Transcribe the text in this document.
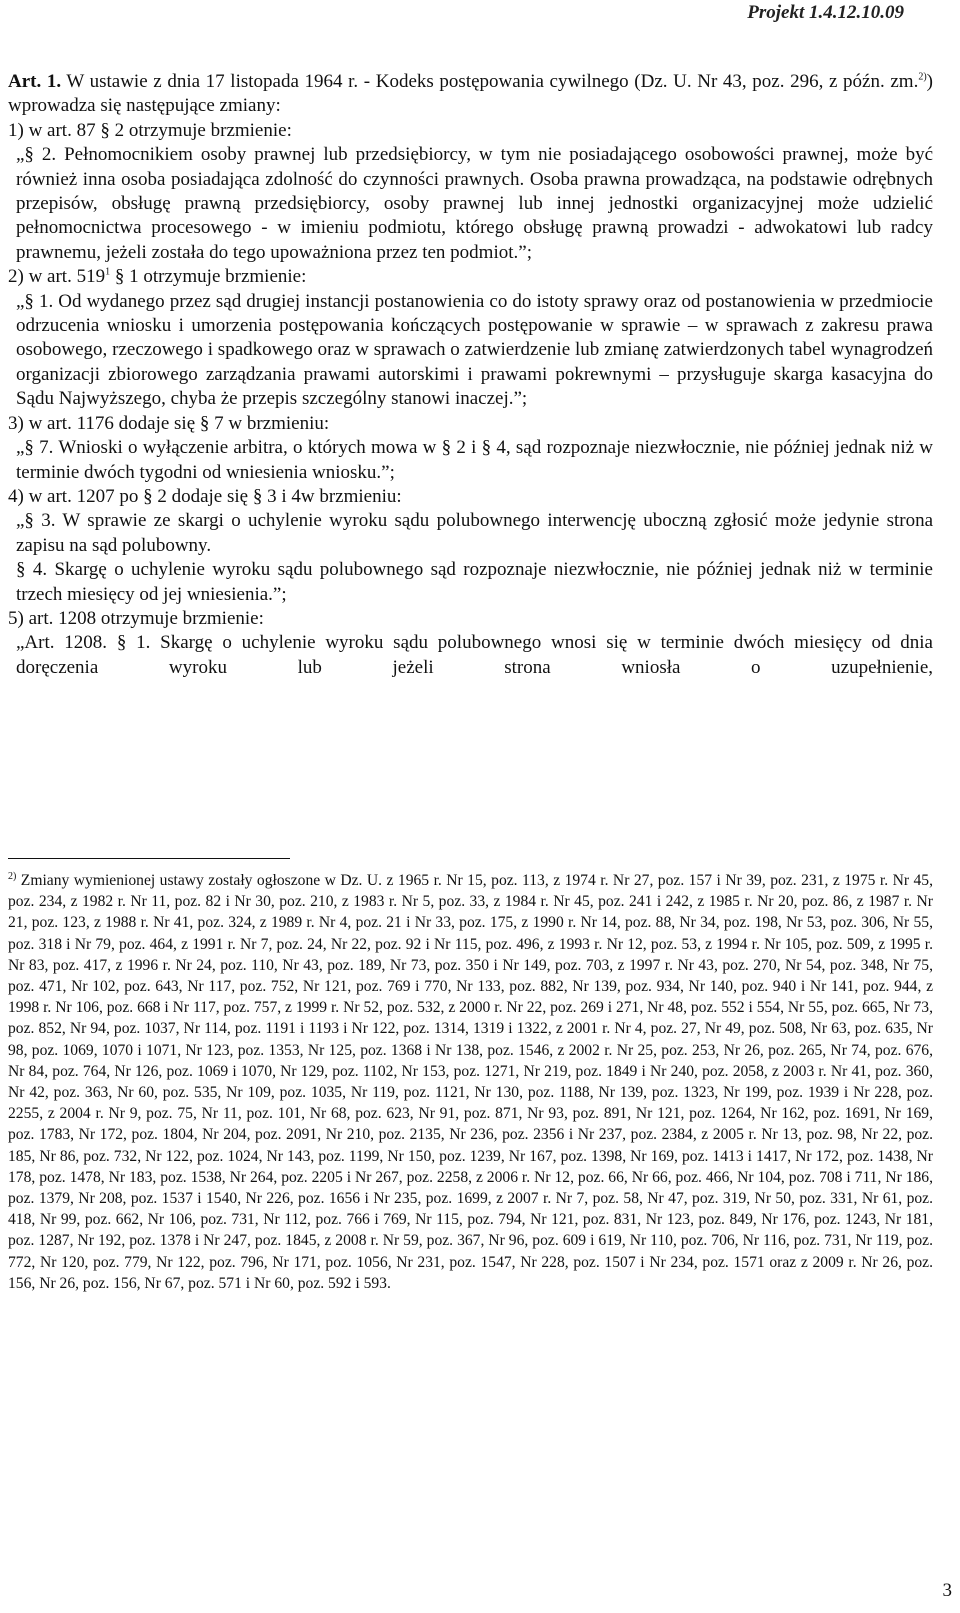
Projekt 1.4.12.10.09

Art. 1. W ustawie z dnia 17 listopada 1964 r. - Kodeks postępowania cywilnego (Dz. U. Nr 43, poz. 296, z późn. zm.$^{2)}$) wprowadza się następujące zmiany:

1) w art. 87 § 2 otrzymuje brzmienie:

„§ 2. Pełnomocnikiem osoby prawnej lub przedsiębiorcy, w tym nie posiadającego osobowości prawnej, może być również inna osoba posiadająca zdolność do czynności prawnych. Osoba prawna prowadząca, na podstawie odrębnych przepisów, obsługę prawną przedsiębiorcy, osoby prawnej lub innej jednostki organizacyjnej może udzielić pełnomocnictwa procesowego - w imieniu podmiotu, którego obsługę prawną prowadzi - adwokatowi lub radcy prawnemu, jeżeli została do tego upoważniona przez ten podmiot.”;

2) w art. $519^1$ § 1 otrzymuje brzmienie:

„§ 1. Od wydanego przez sąd drugiej instancji postanowienia co do istoty sprawy oraz od postanowienia w przedmiocie odrzucenia wniosku i umorzenia postępowania kończących postępowanie w sprawie – w sprawach z zakresu prawa osobowego, rzeczowego i spadkowego oraz w sprawach o zatwierdzenie lub zmianę zatwierdzonych tabel wynagrodzeń organizacji zbiorowego zarządzania prawami autorskimi i prawami pokrewnymi – przysługuje skarga kasacyjna do Sądu Najwyższego, chyba że przepis szczególny stanowi inaczej.”;

3) w art. 1176 dodaje się § 7 w brzmieniu:

„§ 7. Wnioski o wyłączenie arbitra, o których mowa w § 2 i § 4, sąd rozpoznaje niezwłocznie, nie później jednak niż w terminie dwóch tygodni od wniesienia wniosku.”;

4) w art. 1207 po § 2 dodaje się § 3 i 4w brzmieniu:

„§ 3. W sprawie ze skargi o uchylenie wyroku sądu polubownego interwencję uboczną zgłosić może jedynie strona zapisu na sąd polubowny.

§ 4. Skargę o uchylenie wyroku sądu polubownego sąd rozpoznaje niezwłocznie, nie później jednak niż w terminie trzech miesięcy od jej wniesienia.”;

5) art. 1208 otrzymuje brzmienie:

„Art. 1208. § 1. Skargę o uchylenie wyroku sądu polubownego wnosi się w terminie dwóch miesięcy od dnia doręczenia wyroku lub jeżeli strona wniosła o uzupełnienie,

$^{2)}$ Zmiany wymienionej ustawy zostały ogłoszone w Dz. U. z 1965 r. Nr 15, poz. 113, z 1974 r. Nr 27, poz. 157 i Nr 39, poz. 231, z 1975 r. Nr 45, poz. 234, z 1982 r. Nr 11, poz. 82 i Nr 30, poz. 210, z 1983 r. Nr 5, poz. 33, z 1984 r. Nr 45, poz. 241 i 242, z 1985 r. Nr 20, poz. 86, z 1987 r. Nr 21, poz. 123, z 1988 r. Nr 41, poz. 324, z 1989 r. Nr 4, poz. 21 i Nr 33, poz. 175, z 1990 r. Nr 14, poz. 88, Nr 34, poz. 198, Nr 53, poz. 306, Nr 55, poz. 318 i Nr 79, poz. 464, z 1991 r. Nr 7, poz. 24, Nr 22, poz. 92 i Nr 115, poz. 496, z 1993 r. Nr 12, poz. 53, z 1994 r. Nr 105, poz. 509, z 1995 r. Nr 83, poz. 417, z 1996 r. Nr 24, poz. 110, Nr 43, poz. 189, Nr 73, poz. 350 i Nr 149, poz. 703, z 1997 r. Nr 43, poz. 270, Nr 54, poz. 348, Nr 75, poz. 471, Nr 102, poz. 643, Nr 117, poz. 752, Nr 121, poz. 769 i 770, Nr 133, poz. 882, Nr 139, poz. 934, Nr 140, poz. 940 i Nr 141, poz. 944, z 1998 r. Nr 106, poz. 668 i Nr 117, poz. 757, z 1999 r. Nr 52, poz. 532, z 2000 r. Nr 22, poz. 269 i 271, Nr 48, poz. 552 i 554, Nr 55, poz. 665, Nr 73, poz. 852, Nr 94, poz. 1037, Nr 114, poz. 1191 i 1193 i Nr 122, poz. 1314, 1319 i 1322, z 2001 r. Nr 4, poz. 27, Nr 49, poz. 508, Nr 63, poz. 635, Nr 98, poz. 1069, 1070 i 1071, Nr 123, poz. 1353, Nr 125, poz. 1368 i Nr 138, poz. 1546, z 2002 r. Nr 25, poz. 253, Nr 26, poz. 265, Nr 74, poz. 676, Nr 84, poz. 764, Nr 126, poz. 1069 i 1070, Nr 129, poz. 1102, Nr 153, poz. 1271, Nr 219, poz. 1849 i Nr 240, poz. 2058, z 2003 r. Nr 41, poz. 360, Nr 42, poz. 363, Nr 60, poz. 535, Nr 109, poz. 1035, Nr 119, poz. 1121, Nr 130, poz. 1188, Nr 139, poz. 1323, Nr 199, poz. 1939 i Nr 228, poz. 2255, z 2004 r. Nr 9, poz. 75, Nr 11, poz. 101, Nr 68, poz. 623, Nr 91, poz. 871, Nr 93, poz. 891, Nr 121, poz. 1264, Nr 162, poz. 1691, Nr 169, poz. 1783, Nr 172, poz. 1804, Nr 204, poz. 2091, Nr 210, poz. 2135, Nr 236, poz. 2356 i Nr 237, poz. 2384, z 2005 r. Nr 13, poz. 98, Nr 22, poz. 185, Nr 86, poz. 732, Nr 122, poz. 1024, Nr 143, poz. 1199, Nr 150, poz. 1239, Nr 167, poz. 1398, Nr 169, poz. 1413 i 1417, Nr 172, poz. 1438, Nr 178, poz. 1478, Nr 183, poz. 1538, Nr 264, poz. 2205 i Nr 267, poz. 2258, z 2006 r. Nr 12, poz. 66, Nr 66, poz. 466, Nr 104, poz. 708 i 711, Nr 186, poz. 1379, Nr 208, poz. 1537 i 1540, Nr 226, poz. 1656 i Nr 235, poz. 1699, z 2007 r. Nr 7, poz. 58, Nr 47, poz. 319, Nr 50, poz. 331, Nr 61, poz. 418, Nr 99, poz. 662, Nr 106, poz. 731, Nr 112, poz. 766 i 769, Nr 115, poz. 794, Nr 121, poz. 831, Nr 123, poz. 849, Nr 176, poz. 1243, Nr 181, poz. 1287, Nr 192, poz. 1378 i Nr 247, poz. 1845, z 2008 r. Nr 59, poz. 367, Nr 96, poz. 609 i 619, Nr 110, poz. 706, Nr 116, poz. 731, Nr 119, poz. 772, Nr 120, poz. 779, Nr 122, poz. 796, Nr 171, poz. 1056, Nr 231, poz. 1547, Nr 228, poz. 1507 i Nr 234, poz. 1571 oraz z 2009 r. Nr 26, poz. 156, Nr 26, poz. 156, Nr 67, poz. 571 i Nr 60, poz. 592 i 593.

3
